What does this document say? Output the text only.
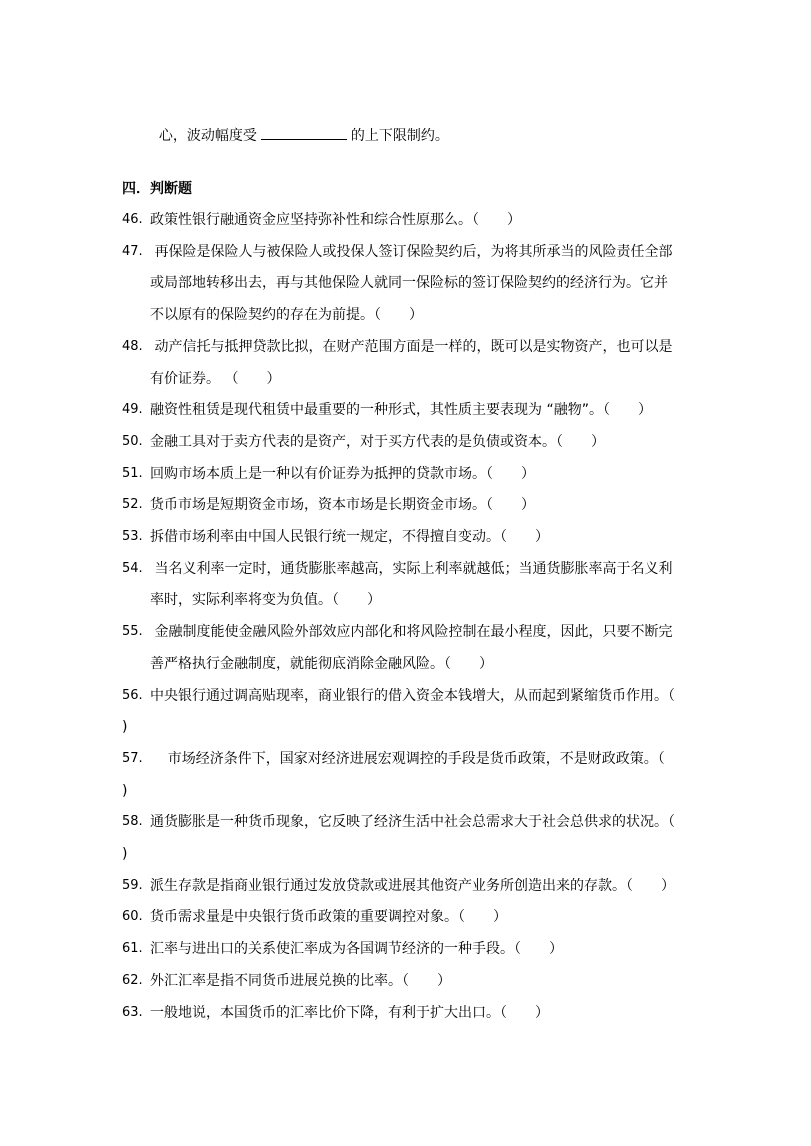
心，波动幅度受	的上下限制约。

四．判断题
46. 政策性银行融通资金应坚持弥补性和综合性原那么。（　　）
47. 再保险是保险人与被保险人或投保人签订保险契约后，为将其所承当的风险责任全部
或局部地转移出去，再与其他保险人就同一保险标的签订保险契约的经济行为。它并
不以原有的保险契约的存在为前提。（　　）
48. 动产信托与抵押贷款比拟，在财产范围方面是一样的，既可以是实物资产，也可以是
有价证券。 （　　）
49. 融资性租赁是现代租赁中最重要的一种形式，其性质主要表现为 “融物”。（　　）
50. 金融工具对于卖方代表的是资产，对于买方代表的是负债或资本。（　　）
51. 回购市场本质上是一种以有价证券为抵押的贷款市场。（　　）
52. 货币市场是短期资金市场，资本市场是长期资金市场。（　　）
53. 拆借市场利率由中国人民银行统一规定，不得擅自变动。（　　）
54. 当名义利率一定时，通货膨胀率越高，实际上利率就越低；当通货膨胀率高于名义利
率时，实际利率将变为负值。（　　）
55. 金融制度能使金融风险外部效应内部化和将风险控制在最小程度，因此，只要不断完
善严格执行金融制度，就能彻底消除金融风险。（　　）
56. 中央银行通过调高贴现率，商业银行的借入资金本钱增大，从而起到紧缩货币作用。（
)
57. 市场经济条件下，国家对经济进展宏观调控的手段是货币政策，不是财政政策。（
)
58. 通货膨胀是一种货币现象，它反映了经济生活中社会总需求大于社会总供求的状况。（
)
59. 派生存款是指商业银行通过发放贷款或进展其他资产业务所创造出来的存款。（　　）
60. 货币需求量是中央银行货币政策的重要调控对象。（　　）
61. 汇率与进出口的关系使汇率成为各国调节经济的一种手段。（　　）
62. 外汇汇率是指不同货币进展兑换的比率。（　　）
63. 一般地说，本国货币的汇率比价下降，有利于扩大出口。（　　）
